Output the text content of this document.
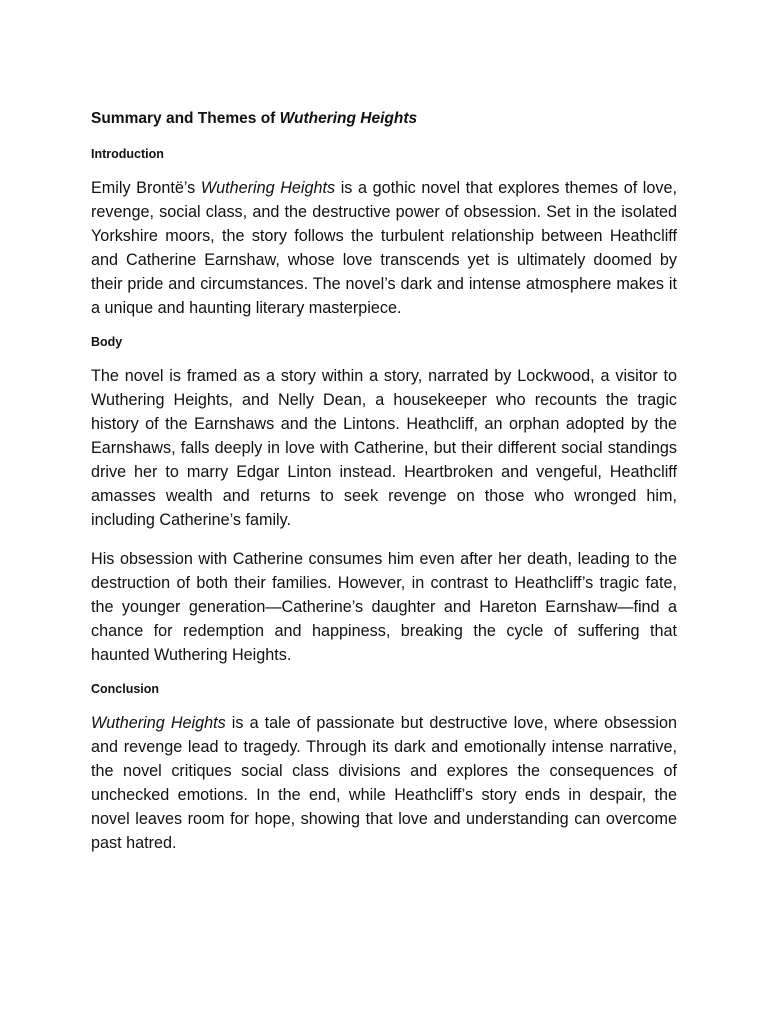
Summary and Themes of Wuthering Heights
Introduction

Emily Brontë’s Wuthering Heights is a gothic novel that explores themes of love, revenge, social class, and the destructive power of obsession. Set in the isolated Yorkshire moors, the story follows the turbulent relationship between Heathcliff and Catherine Earnshaw, whose love transcends yet is ultimately doomed by their pride and circumstances. The novel’s dark and intense atmosphere makes it a unique and haunting literary masterpiece.

Body

The novel is framed as a story within a story, narrated by Lockwood, a visitor to Wuthering Heights, and Nelly Dean, a housekeeper who recounts the tragic history of the Earnshaws and the Lintons. Heathcliff, an orphan adopted by the Earnshaws, falls deeply in love with Catherine, but their different social standings drive her to marry Edgar Linton instead. Heartbroken and vengeful, Heathcliff amasses wealth and returns to seek revenge on those who wronged him, including Catherine’s family.

His obsession with Catherine consumes him even after her death, leading to the destruction of both their families. However, in contrast to Heathcliff’s tragic fate, the younger generation—Catherine’s daughter and Hareton Earnshaw—find a chance for redemption and happiness, breaking the cycle of suffering that haunted Wuthering Heights.

Conclusion

Wuthering Heights is a tale of passionate but destructive love, where obsession and revenge lead to tragedy. Through its dark and emotionally intense narrative, the novel critiques social class divisions and explores the consequences of unchecked emotions. In the end, while Heathcliff’s story ends in despair, the novel leaves room for hope, showing that love and understanding can overcome past hatred.
